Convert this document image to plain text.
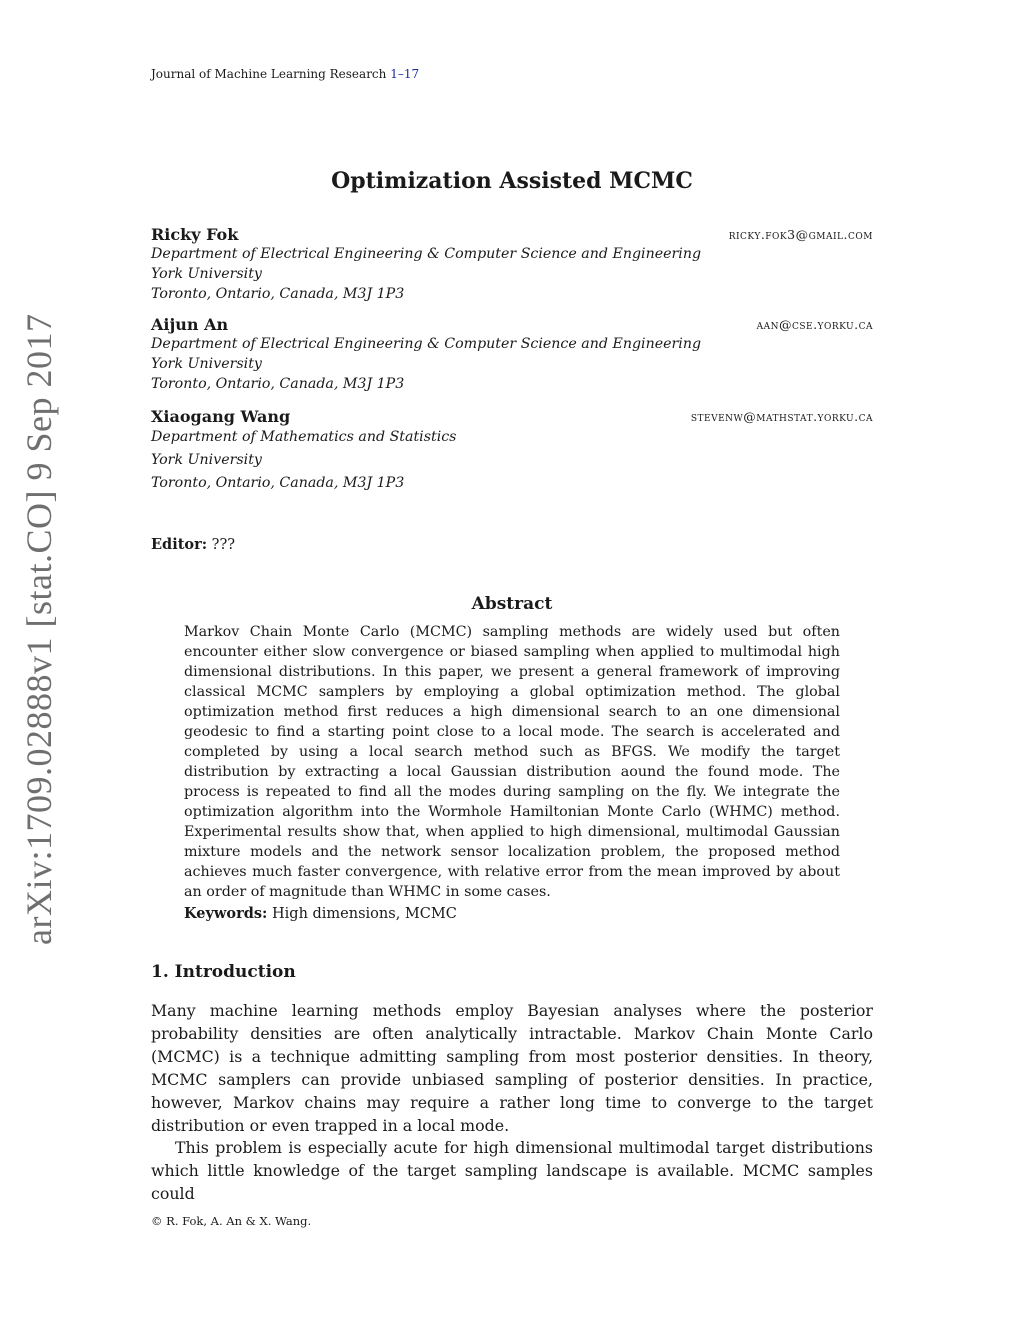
Journal of Machine Learning Research 1–17
arXiv:1709.02888v1 [stat.CO] 9 Sep 2017
Optimization Assisted MCMC
Ricky Fok	ricky.fok3@gmail.com
Department of Electrical Engineering & Computer Science and Engineering
York University
Toronto, Ontario, Canada, M3J 1P3
Aijun An	aan@cse.yorku.ca
Department of Electrical Engineering & Computer Science and Engineering
York University
Toronto, Ontario, Canada, M3J 1P3
Xiaogang Wang	stevenw@mathstat.yorku.ca
Department of Mathematics and Statistics
York University
Toronto, Ontario, Canada, M3J 1P3
Editor: ???
Abstract
Markov Chain Monte Carlo (MCMC) sampling methods are widely used but often encounter either slow convergence or biased sampling when applied to multimodal high dimensional distributions. In this paper, we present a general framework of improving classical MCMC samplers by employing a global optimization method. The global optimization method first reduces a high dimensional search to an one dimensional geodesic to find a starting point close to a local mode. The search is accelerated and completed by using a local search method such as BFGS. We modify the target distribution by extracting a local Gaussian distribution aound the found mode. The process is repeated to find all the modes during sampling on the fly. We integrate the optimization algorithm into the Wormhole Hamiltonian Monte Carlo (WHMC) method. Experimental results show that, when applied to high dimensional, multimodal Gaussian mixture models and the network sensor localization problem, the proposed method achieves much faster convergence, with relative error from the mean improved by about an order of magnitude than WHMC in some cases.
Keywords: High dimensions, MCMC
1. Introduction
Many machine learning methods employ Bayesian analyses where the posterior probability densities are often analytically intractable. Markov Chain Monte Carlo (MCMC) is a technique admitting sampling from most posterior densities. In theory, MCMC samplers can provide unbiased sampling of posterior densities. In practice, however, Markov chains may require a rather long time to converge to the target distribution or even trapped in a local mode.
This problem is especially acute for high dimensional multimodal target distributions which little knowledge of the target sampling landscape is available. MCMC samples could
© R. Fok, A. An & X. Wang.
